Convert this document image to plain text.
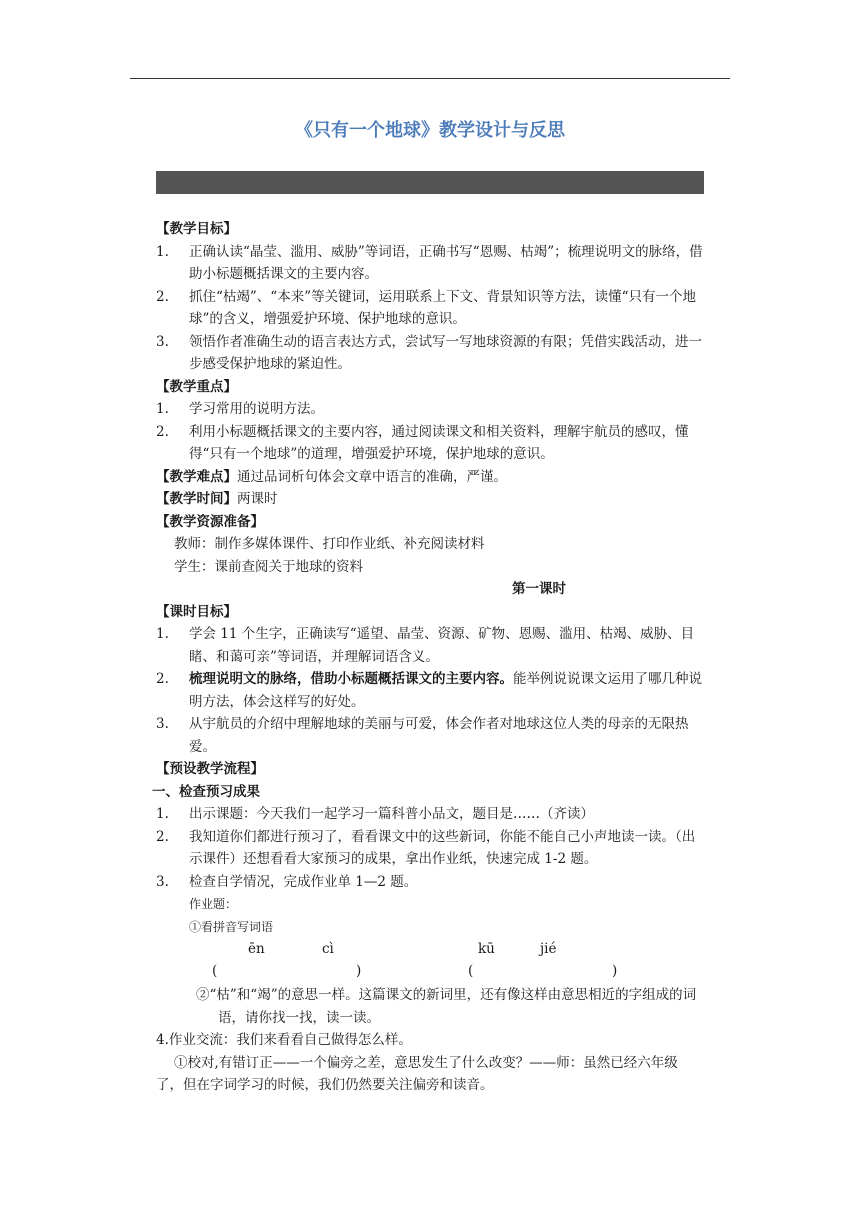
《只有一个地球》教学设计与反思
【教学目标】
1. 正确认读“晶莹、滥用、威胁”等词语，正确书写“恩赐、枯竭”；梳理说明文的脉络，借助小标题概括课文的主要内容。
2. 抓住“枯竭”、“本来”等关键词，运用联系上下文、背景知识等方法，读懂“只有一个地球”的含义，增强爱护环境、保护地球的意识。
3. 领悟作者准确生动的语言表达方式，尝试写一写地球资源的有限；凭借实践活动，进一步感受保护地球的紧迫性。
【教学重点】
1. 学习常用的说明方法。
2. 利用小标题概括课文的主要内容，通过阅读课文和相关资料，理解宇航员的感叹，懂得“只有一个地球”的道理，增强爱护环境，保护地球的意识。
【教学难点】通过品词析句体会文章中语言的准确，严谨。
【教学时间】两课时
【教学资源准备】
教师：制作多媒体课件、打印作业纸、补充阅读材料
学生：课前查阅关于地球的资料
第一课时
【课时目标】
1. 学会 11 个生字，正确读写“遥望、晶莹、资源、矿物、恩赐、滥用、枯竭、威胁、目睹、和蔼可亲”等词语，并理解词语含义。
2. 梳理说明文的脉络，借助小标题概括课文的主要内容。能举例说说课文运用了哪几种说明方法，体会这样写的好处。
3. 从宇航员的介绍中理解地球的美丽与可爱，体会作者对地球这位人类的母亲的无限热爱。
【预设教学流程】
一、检查预习成果
1. 出示课题：今天我们一起学习一篇科普小品文，题目是……（齐读）
2. 我知道你们都进行预习了，看看课文中的这些新词，你能不能自己小声地读一读。（出示课件）还想看看大家预习的成果，拿出作业纸，快速完成 1-2 题。
3. 检查自学情况，完成作业单 1—2 题。
作业题：
①看拼音写词语
ēn	cì	kū	jié
(	)	(	)
②“枯”和“竭”的意思一样。这篇课文的新词里，还有像这样由意思相近的字组成的词语，请你找一找，读一读。
4.作业交流：我们来看看自己做得怎么样。
①校对,有错订正——一个偏旁之差，意思发生了什么改变？——师：虽然已经六年级了，但在字词学习的时候，我们仍然要关注偏旁和读音。
